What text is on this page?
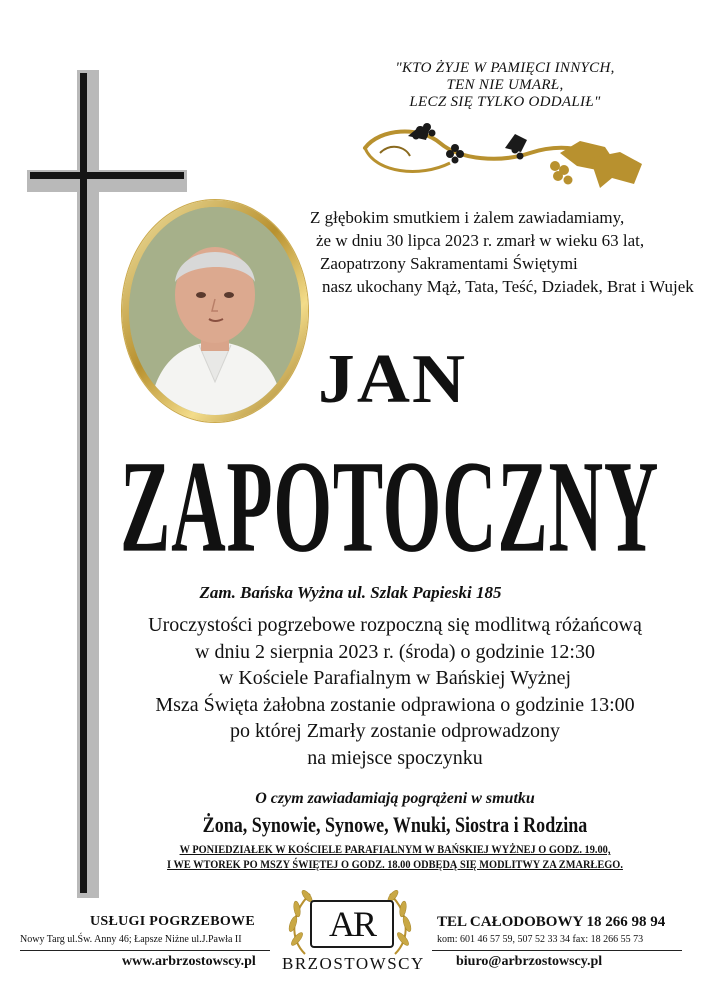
"KTO ŻYJE W PAMIĘCI INNYCH,
TEN NIE UMARŁ,
LECZ SIĘ TYLKO ODDALIŁ"
Z głębokim smutkiem i żalem zawiadamiamy,
że w dniu 30 lipca 2023 r. zmarł w wieku 63 lat,
Zaopatrzony Sakramentami Świętymi
nasz ukochany Mąż, Tata, Teść, Dziadek, Brat i Wujek
JAN
ZAPOTOCZNY
Zam. Bańska Wyżna ul. Szlak Papieski 185
Uroczystości pogrzebowe rozpoczną się modlitwą różańcową
w dniu 2 sierpnia 2023 r. (środa) o godzinie 12:30
w Kościele Parafialnym w Bańskiej Wyżnej
Msza Święta żałobna zostanie odprawiona o godzinie 13:00
po której Zmarły zostanie odprowadzony
na miejsce spoczynku
O czym zawiadamiają pogrążeni w smutku
Żona, Synowie, Synowe, Wnuki, Siostra i Rodzina
W PONIEDZIAŁEK W KOŚCIELE PARAFIALNYM W BAŃSKIEJ WYŻNEJ O GODZ. 19.00,
I WE WTOREK PO MSZY ŚWIĘTEJ O GODZ. 18.00 ODBĘDĄ SIĘ MODLITWY ZA ZMARŁEGO.
USŁUGI POGRZEBOWE
Nowy Targ ul.Św. Anny 46; Łapsze Niżne ul.J.Pawła II
www.arbrzostowscy.pl
AR
BRZOSTOWSCY
TEL CAŁODOBOWY 18 266 98 94
kom: 601 46 57 59, 507 52 33 34 fax: 18 266 55 73
biuro@arbrzostowscy.pl
